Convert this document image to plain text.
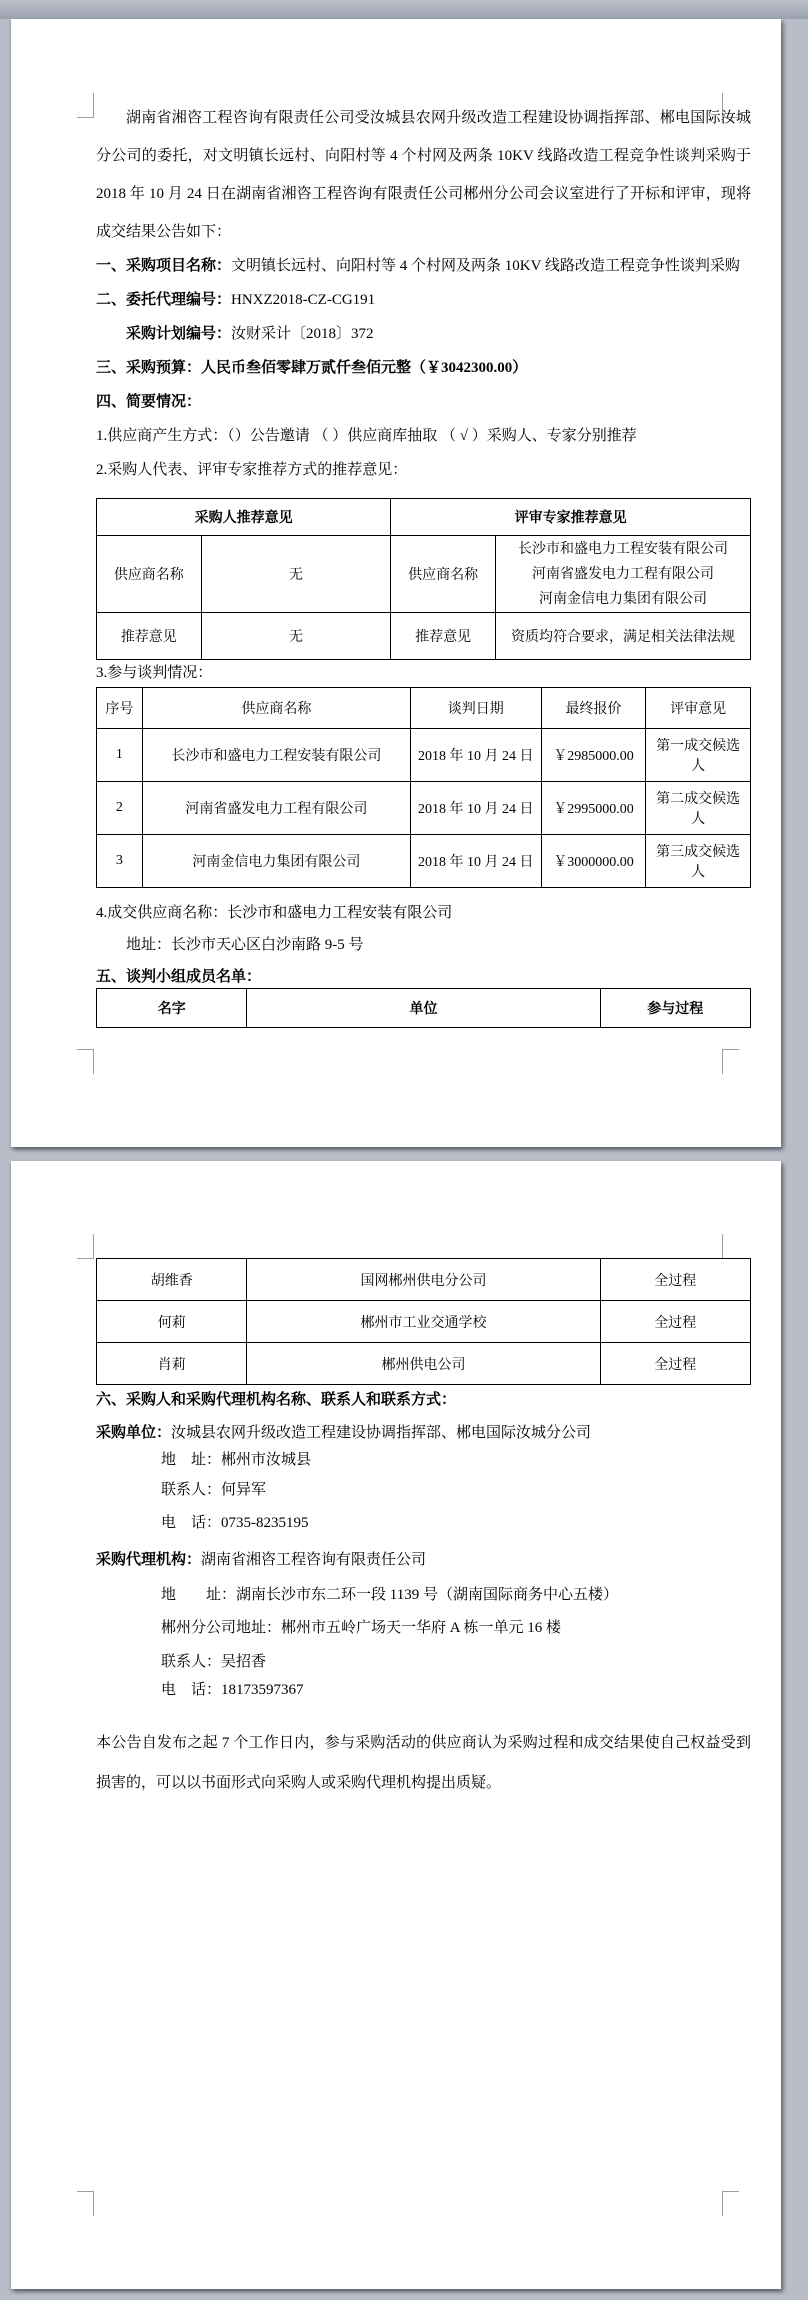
湖南省湘咨工程咨询有限责任公司受汝城县农网升级改造工程建设协调指挥部、郴电国际汝城分公司的委托，对文明镇长远村、向阳村等 4 个村网及两条 10KV 线路改造工程竞争性谈判采购于 2018 年 10 月 24 日在湖南省湘咨工程咨询有限责任公司郴州分公司会议室进行了开标和评审，现将成交结果公告如下：

一、采购项目名称：文明镇长远村、向阳村等 4 个村网及两条 10KV 线路改造工程竞争性谈判采购
二、委托代理编号：HNXZ2018-CZ-CG191
采购计划编号：汝财采计〔2018〕372
三、采购预算：人民币叁佰零肆万贰仟叁佰元整（￥3042300.00）
四、简要情况：
1.供应商产生方式：（）公告邀请 （ ）供应商库抽取 （ √ ）采购人、专家分别推荐
2.采购人代表、评审专家推荐方式的推荐意见：
采购人推荐意见		评审专家推荐意见	
供应商名称	无	供应商名称	长沙市和盛电力工程安装有限公司
河南省盛发电力工程有限公司
河南金信电力集团有限公司

推荐意见	无	推荐意见	资质均符合要求，满足相关法律法规
3.参与谈判情况：
序号	供应商名称	谈判日期	最终报价	评审意见
1	长沙市和盛电力工程安装有限公司	2018 年 10 月 24 日	￥2985000.00	第一成交候选人
2	河南省盛发电力工程有限公司	2018 年 10 月 24 日	￥2995000.00	第二成交候选人
3	河南金信电力集团有限公司	2018 年 10 月 24 日	￥3000000.00	第三成交候选人
4.成交供应商名称：长沙市和盛电力工程安装有限公司
地址：长沙市天心区白沙南路 9-5 号
五、谈判小组成员名单：
名字	单位	参与过程
胡维香	国网郴州供电分公司	全过程
何莉	郴州市工业交通学校	全过程
肖莉	郴州供电公司	全过程
六、采购人和采购代理机构名称、联系人和联系方式：
采购单位：汝城县农网升级改造工程建设协调指挥部、郴电国际汝城分公司
地　址：郴州市汝城县
联系人：何异军
电　话：0735-8235195
采购代理机构：湖南省湘咨工程咨询有限责任公司
地　　址：湖南长沙市东二环一段 1139 号（湖南国际商务中心五楼）
郴州分公司地址：郴州市五岭广场天一华府 A 栋一单元 16 楼
联系人：吴招香
电　话：18173597367

本公告自发布之起 7 个工作日内，参与采购活动的供应商认为采购过程和成交结果使自己权益受到损害的，可以以书面形式向采购人或采购代理机构提出质疑。
